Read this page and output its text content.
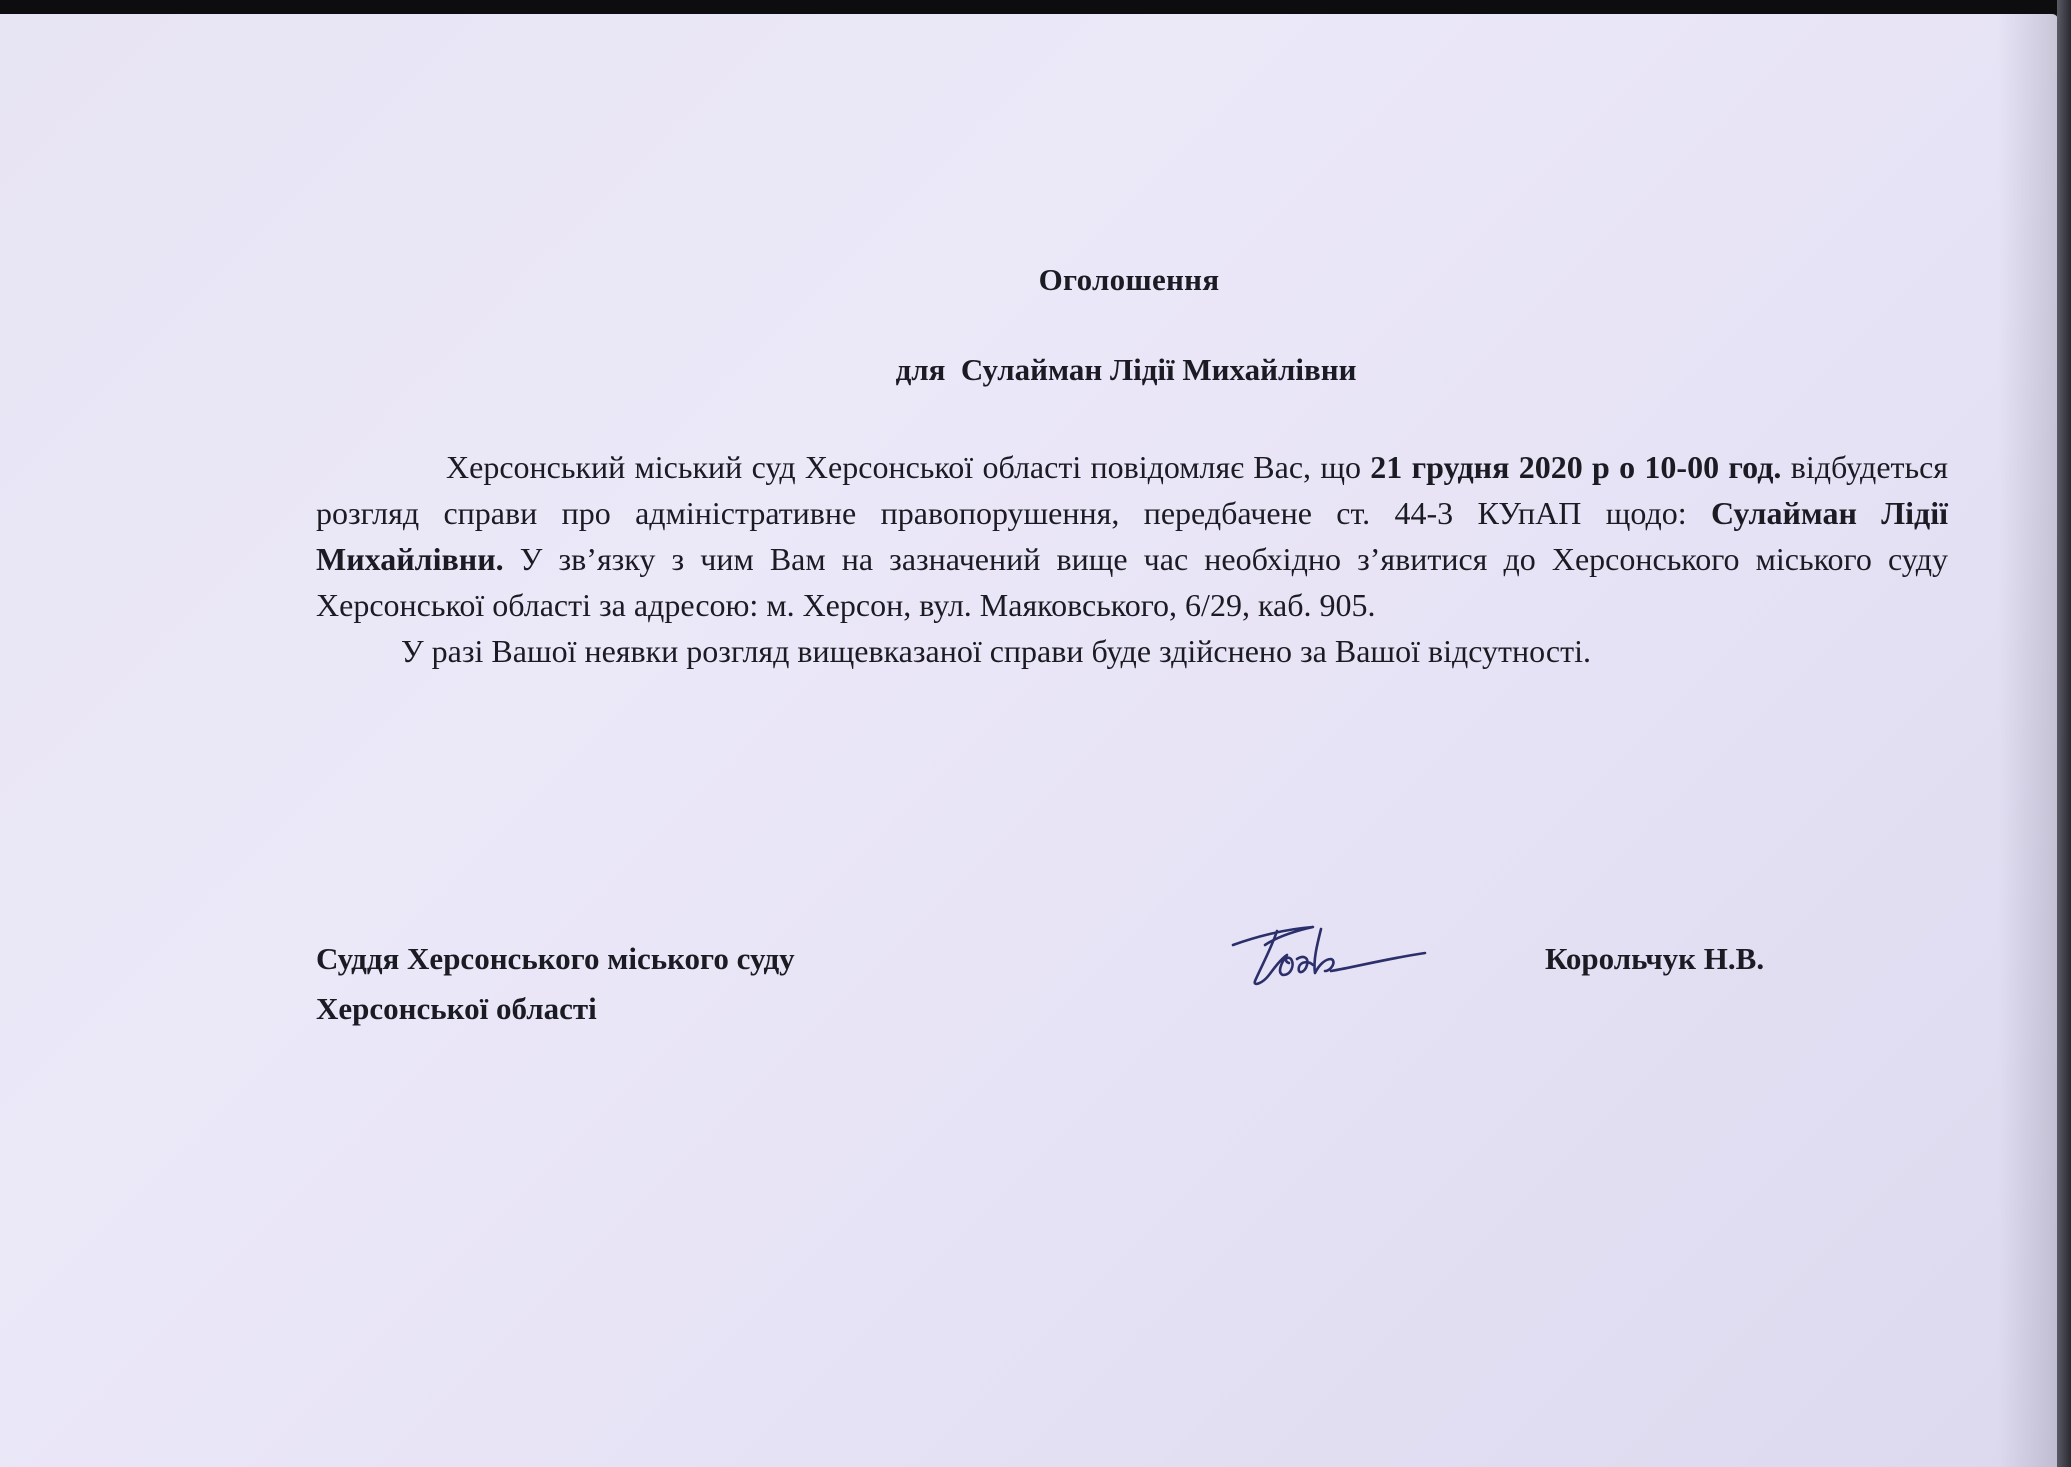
Оголошення
для  Сулайман Лідії Михайлівни

Херсонський міський суд Херсонської області повідомляє Вас, що 21 грудня 2020 р о 10-00 год. відбудеться розгляд справи про адміністративне правопорушення, передбачене ст. 44-3 КУпАП щодо: Сулайман Лідії Михайлівни. У зв’язку з чим Вам на зазначений вище час необхідно з’явитися до Херсонського міського суду Херсонської області за адресою: м. Херсон, вул. Маяковського, 6/29, каб. 905.

У разі Вашої неявки розгляд вищевказаної справи буде здійснено за Вашої відсутності.

Суддя Херсонського міського суду
Херсонської області

Корольчук Н.В.
